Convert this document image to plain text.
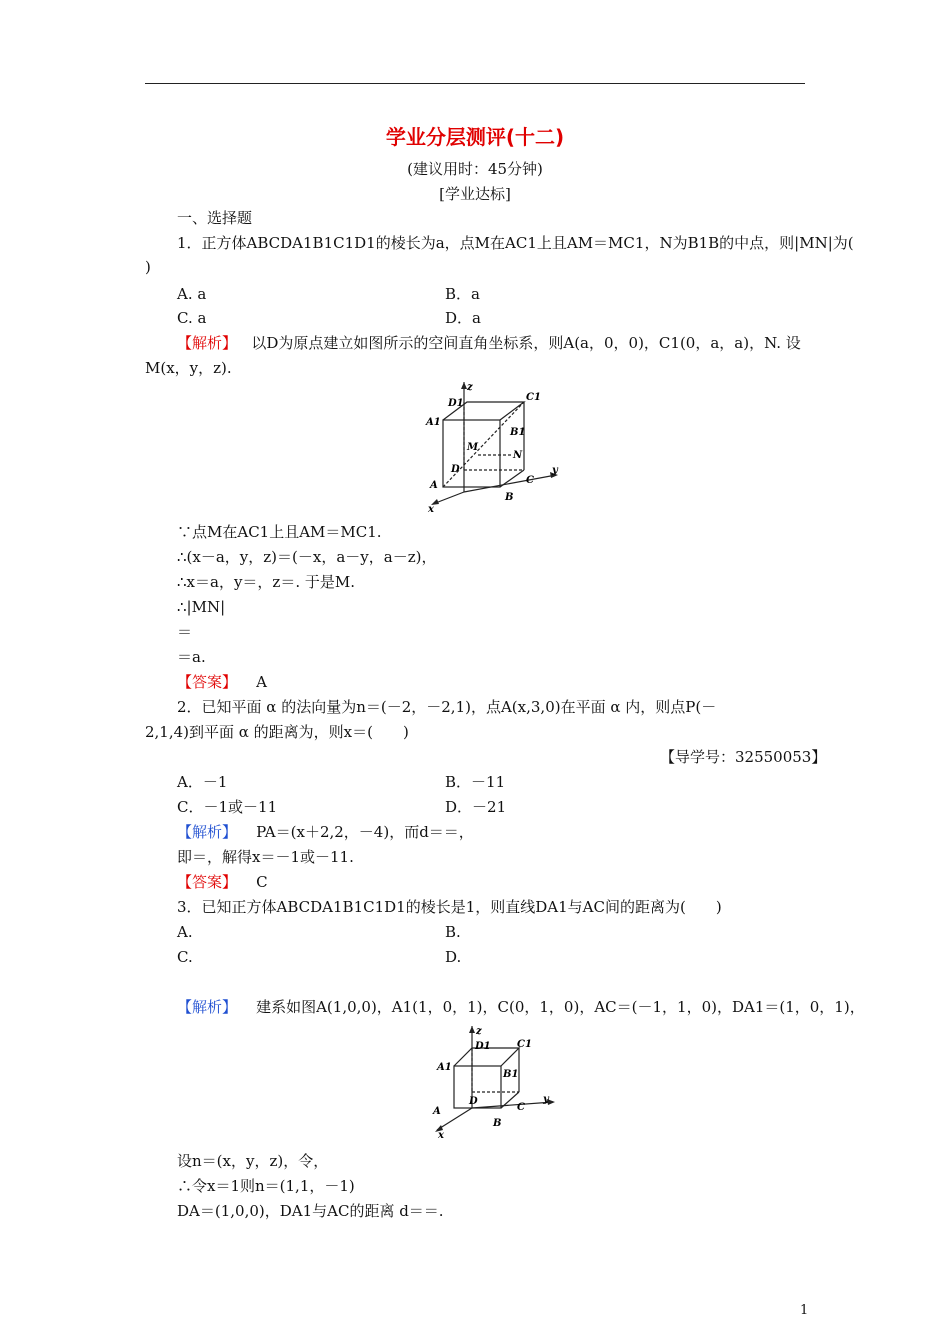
学业分层测评(十二)
(建议用时：45分钟)
[学业达标]
一、选择题
1．正方体ABCDA1B1C1D1的棱长为a，点M在AC1上且AM＝MC1，N为B1B的中点，则|MN|为(
)
A. a	B．a
C. a	D．a
【解析】 以D为原点建立如图所示的空间直角坐标系，则A(a，0，0)，C1(0，a，a)，N. 设
M(x，y，z).
z
y
x
D1
C1
A1
B1
M
N
D
A
B
C
∵点M在AC1上且AM＝MC1.
∴(x－a，y，z)＝(－x，a－y，a－z)，
∴x＝a，y＝，z＝. 于是M.
∴|MN|
＝
＝a.
【答案】 A
2．已知平面 α 的法向量为n＝(－2，－2,1)，点A(x,3,0)在平面 α 内，则点P(－
2,1,4)到平面 α 的距离为，则x＝(　　)
【导学号：32550053】
A．－1	B．－11
C．－1或－11	D．－21
【解析】 PA＝(x＋2,2，－4)，而d＝＝，
即＝，解得x＝－1或－11.
【答案】 C
3．已知正方体ABCDA1B1C1D1的棱长是1，则直线DA1与AC间的距离为(　　)
A.	B.
C.	D.
【解析】 建系如图A(1,0,0)，A1(1，0，1)，C(0，1，0)，AC＝(－1，1，0)，DA1＝(1，0，1)，
z
y
x
D1	C1
A1
B1
D
A
B
C
设n＝(x，y，z)，令，
∴令x＝1则n＝(1,1，－1)
DA＝(1,0,0)，DA1与AC的距离 d＝＝.
1
